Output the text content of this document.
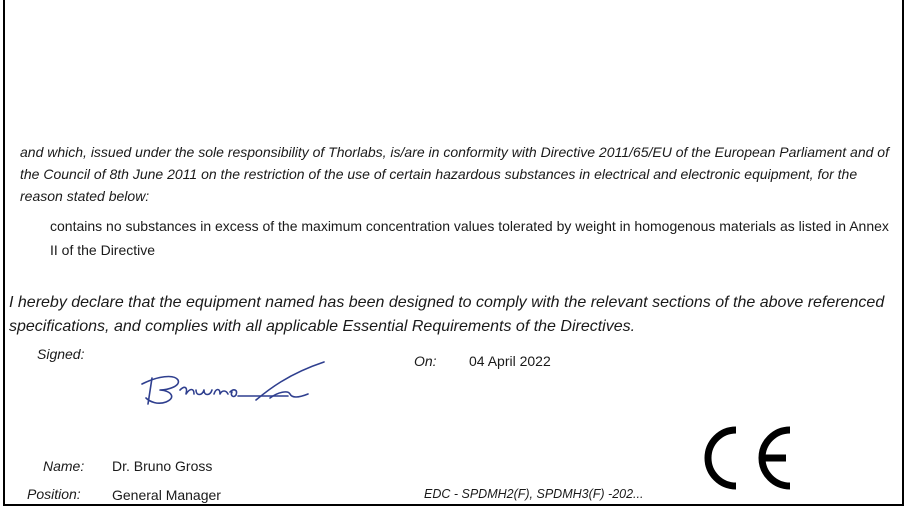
and which, issued under the sole responsibility of Thorlabs, is/are in conformity with Directive 2011/65/EU of the European Parliament and of the Council of 8th June 2011 on the restriction of the use of certain hazardous substances in electrical and electronic equipment, for the reason stated below:
contains no substances in excess of the maximum concentration values tolerated by weight in homogenous materials as listed in Annex II of the Directive
I hereby declare that the equipment named has been designed to comply with the relevant sections of the above referenced specifications, and complies with all applicable Essential Requirements of the Directives.
Signed:	On: 04 April 2022
Name: Dr. Bruno Gross
Position: General Manager	EDC - SPDMH2(F), SPDMH3(F) -202...
